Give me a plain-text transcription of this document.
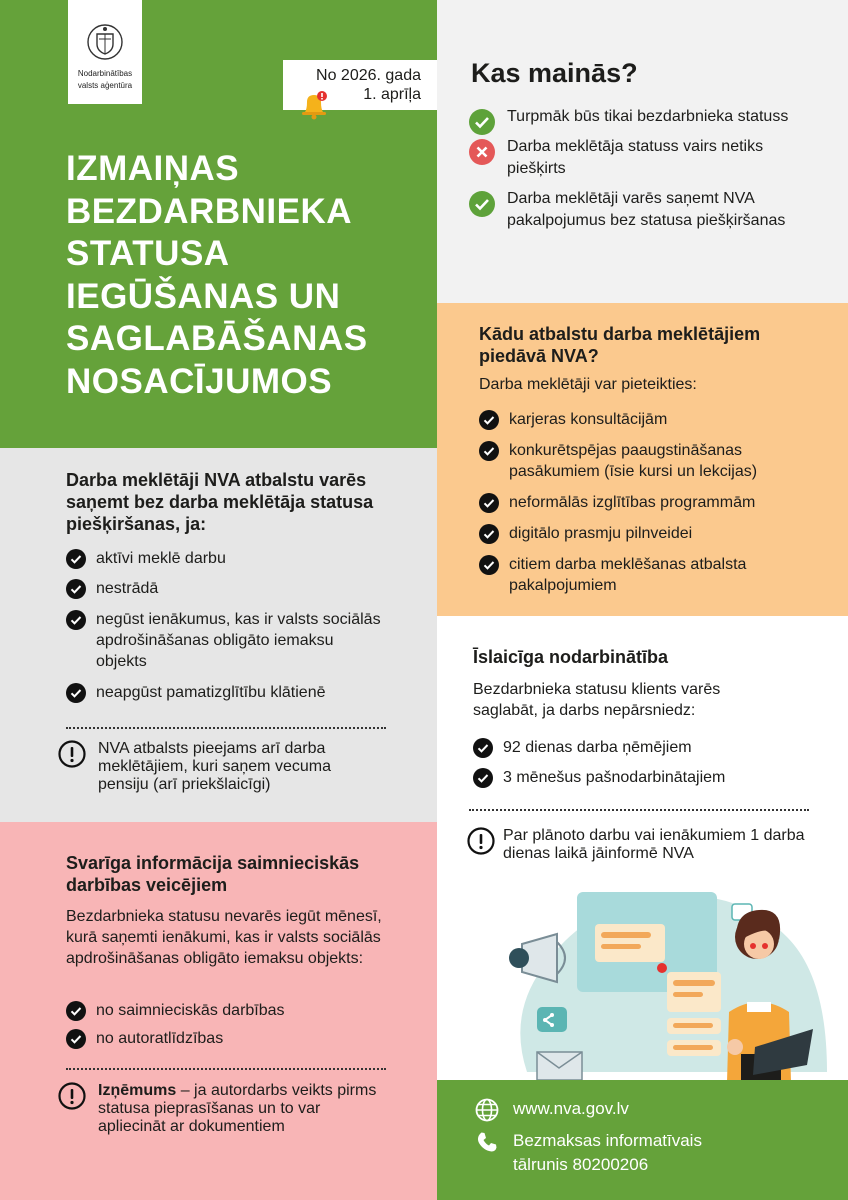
Nodarbinātības
valsts aģentūra
No 2026. gada
1. aprīļa
IZMAIŅAS
BEZDARBNIEKA
STATUSA
IEGŪŠANAS UN
SAGLABĀŠANAS
NOSACĪJUMOS
Darba meklētāji NVA atbalstu varēs saņemt bez darba meklētāja statusa piešķiršanas, ja:
aktīvi meklē darbu
nestrādā
negūst ienākumus, kas ir valsts sociālās apdrošināšanas obligāto iemaksu objekts
neapgūst pamatizglītību klātienē
NVA atbalsts pieejams arī darba meklētājiem, kuri saņem vecuma pensiju (arī priekšlaicīgi)
Svarīga informācija saimnieciskās darbības veicējiem
Bezdarbnieka statusu nevarēs iegūt mēnesī, kurā saņemti ienākumi, kas ir valsts sociālās apdrošināšanas obligāto iemaksu objekts:
no saimnieciskās darbības
no autoratlīdzības
Izņēmums – ja autordarbs veikts pirms statusa pieprasīšanas un to var apliecināt ar dokumentiem
Kas mainās?
Turpmāk būs tikai bezdarbnieka statuss
Darba meklētāja statuss vairs netiks piešķirts
Darba meklētāji varēs saņemt NVA pakalpojumus bez statusa piešķiršanas
Kādu atbalstu darba meklētājiem piedāvā NVA?
Darba meklētāji var pieteikties:
karjeras konsultācijām
konkurētspējas paaugstināšanas pasākumiem (īsie kursi un lekcijas)
neformālās izglītības programmām
digitālo prasmju pilnveidei
citiem darba meklēšanas atbalsta pakalpojumiem
Īslaicīga nodarbinātība
Bezdarbnieka statusu klients varēs saglabāt, ja darbs nepārsniedz:
92 dienas darba ņēmējiem
3 mēnešus pašnodarbinātajiem
Par plānoto darbu vai ienākumiem 1 darba dienas laikā jāinformē NVA
www.nva.gov.lv
Bezmaksas informatīvais
tālrunis 80200206
